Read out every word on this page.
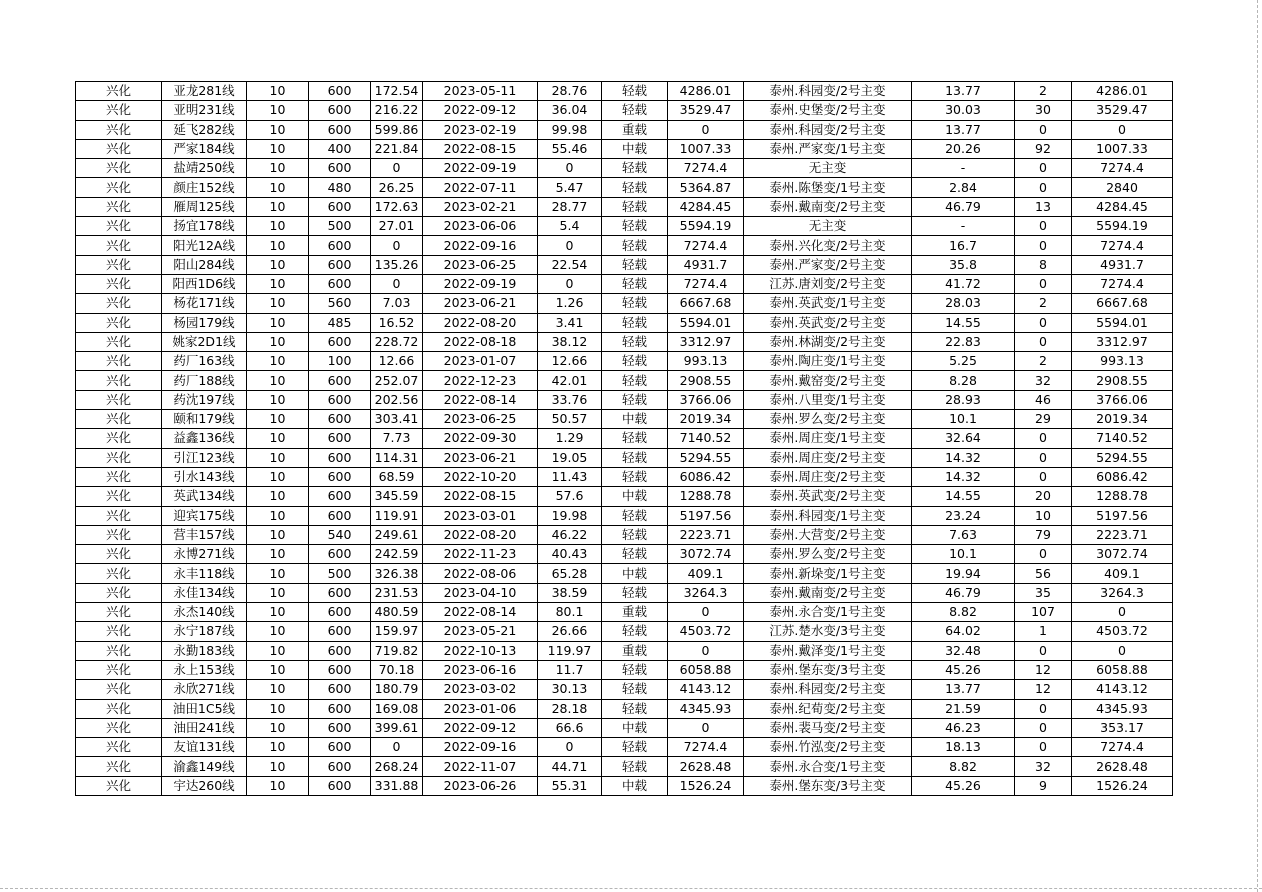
兴化	亚龙281线	10	600	172.54	2023-05-11	28.76	轻载	4286.01	泰州.科园变/2号主变	13.77	2	4286.01
兴化	亚明231线	10	600	216.22	2022-09-12	36.04	轻载	3529.47	泰州.史堡变/2号主变	30.03	30	3529.47
兴化	延飞282线	10	600	599.86	2023-02-19	99.98	重载	0	泰州.科园变/2号主变	13.77	0	0
兴化	严家184线	10	400	221.84	2022-08-15	55.46	中载	1007.33	泰州.严家变/1号主变	20.26	92	1007.33
兴化	盐靖250线	10	600	0	2022-09-19	0	轻载	7274.4	无主变	-	0	7274.4
兴化	颜庄152线	10	480	26.25	2022-07-11	5.47	轻载	5364.87	泰州.陈堡变/1号主变	2.84	0	2840
兴化	雁周125线	10	600	172.63	2023-02-21	28.77	轻载	4284.45	泰州.戴南变/2号主变	46.79	13	4284.45
兴化	扬宜178线	10	500	27.01	2023-06-06	5.4	轻载	5594.19	无主变	-	0	5594.19
兴化	阳光12A线	10	600	0	2022-09-16	0	轻载	7274.4	泰州.兴化变/2号主变	16.7	0	7274.4
兴化	阳山284线	10	600	135.26	2023-06-25	22.54	轻载	4931.7	泰州.严家变/2号主变	35.8	8	4931.7
兴化	阳西1D6线	10	600	0	2022-09-19	0	轻载	7274.4	江苏.唐刘变/2号主变	41.72	0	7274.4
兴化	杨花171线	10	560	7.03	2023-06-21	1.26	轻载	6667.68	泰州.英武变/1号主变	28.03	2	6667.68
兴化	杨园179线	10	485	16.52	2022-08-20	3.41	轻载	5594.01	泰州.英武变/2号主变	14.55	0	5594.01
兴化	姚家2D1线	10	600	228.72	2022-08-18	38.12	轻载	3312.97	泰州.林湖变/2号主变	22.83	0	3312.97
兴化	药厂163线	10	100	12.66	2023-01-07	12.66	轻载	993.13	泰州.陶庄变/1号主变	5.25	2	993.13
兴化	药厂188线	10	600	252.07	2022-12-23	42.01	轻载	2908.55	泰州.戴窑变/2号主变	8.28	32	2908.55
兴化	药沈197线	10	600	202.56	2022-08-14	33.76	轻载	3766.06	泰州.八里变/1号主变	28.93	46	3766.06
兴化	颐和179线	10	600	303.41	2023-06-25	50.57	中载	2019.34	泰州.罗么变/2号主变	10.1	29	2019.34
兴化	益鑫136线	10	600	7.73	2022-09-30	1.29	轻载	7140.52	泰州.周庄变/1号主变	32.64	0	7140.52
兴化	引江123线	10	600	114.31	2023-06-21	19.05	轻载	5294.55	泰州.周庄变/2号主变	14.32	0	5294.55
兴化	引水143线	10	600	68.59	2022-10-20	11.43	轻载	6086.42	泰州.周庄变/2号主变	14.32	0	6086.42
兴化	英武134线	10	600	345.59	2022-08-15	57.6	中载	1288.78	泰州.英武变/2号主变	14.55	20	1288.78
兴化	迎宾175线	10	600	119.91	2023-03-01	19.98	轻载	5197.56	泰州.科园变/1号主变	23.24	10	5197.56
兴化	营丰157线	10	540	249.61	2022-08-20	46.22	轻载	2223.71	泰州.大营变/2号主变	7.63	79	2223.71
兴化	永博271线	10	600	242.59	2022-11-23	40.43	轻载	3072.74	泰州.罗么变/2号主变	10.1	0	3072.74
兴化	永丰118线	10	500	326.38	2022-08-06	65.28	中载	409.1	泰州.新垛变/1号主变	19.94	56	409.1
兴化	永佳134线	10	600	231.53	2023-04-10	38.59	轻载	3264.3	泰州.戴南变/2号主变	46.79	35	3264.3
兴化	永杰140线	10	600	480.59	2022-08-14	80.1	重载	0	泰州.永合变/1号主变	8.82	107	0
兴化	永宁187线	10	600	159.97	2023-05-21	26.66	轻载	4503.72	江苏.楚水变/3号主变	64.02	1	4503.72
兴化	永勤183线	10	600	719.82	2022-10-13	119.97	重载	0	泰州.戴泽变/1号主变	32.48	0	0
兴化	永上153线	10	600	70.18	2023-06-16	11.7	轻载	6058.88	泰州.堡东变/3号主变	45.26	12	6058.88
兴化	永欣271线	10	600	180.79	2023-03-02	30.13	轻载	4143.12	泰州.科园变/2号主变	13.77	12	4143.12
兴化	油田1C5线	10	600	169.08	2023-01-06	28.18	轻载	4345.93	泰州.纪荀变/2号主变	21.59	0	4345.93
兴化	油田241线	10	600	399.61	2022-09-12	66.6	中载	0	泰州.裴马变/2号主变	46.23	0	353.17
兴化	友谊131线	10	600	0	2022-09-16	0	轻载	7274.4	泰州.竹泓变/2号主变	18.13	0	7274.4
兴化	渝鑫149线	10	600	268.24	2022-11-07	44.71	轻载	2628.48	泰州.永合变/1号主变	8.82	32	2628.48
兴化	宇达260线	10	600	331.88	2023-06-26	55.31	中载	1526.24	泰州.堡东变/3号主变	45.26	9	1526.24
